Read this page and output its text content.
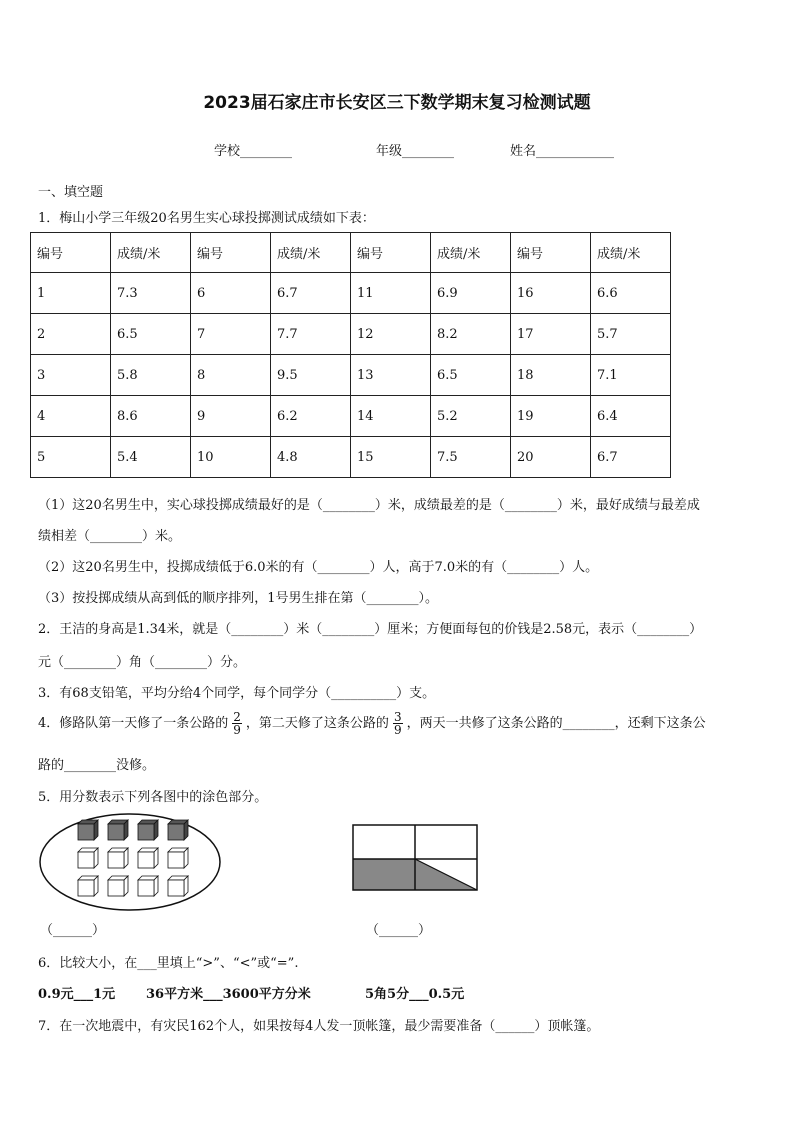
2023届石家庄市长安区三下数学期末复习检测试题
学校________	年级________	姓名____________
一、填空题
1．梅山小学三年级20名男生实心球投掷测试成绩如下表：
编号	成绩/米	编号	成绩/米	编号	成绩/米	编号	成绩/米
1	7.3	6	6.7	11	6.9	16	6.6
2	6.5	7	7.7	12	8.2	17	5.7
3	5.8	8	9.5	13	6.5	18	7.1
4	8.6	9	6.2	14	5.2	19	6.4
5	5.4	10	4.8	15	7.5	20	6.7
（1）这20名男生中，实心球投掷成绩最好的是（________）米，成绩最差的是（________）米，最好成绩与最差成
绩相差（________）米。
（2）这20名男生中，投掷成绩低于6.0米的有（________）人，高于7.0米的有（________）人。
（3）按投掷成绩从高到低的顺序排列，1号男生排在第（________）。
2．王洁的身高是1.34米，就是（________）米（________）厘米；方便面每包的价钱是2.58元，表示（________）
元（________）角（________）分。
3．有68支铅笔，平均分给4个同学，每个同学分（__________）支。
4．修路队第一天修了一条公路的 $\frac{2}{9}$ ，第二天修了这条公路的 $\frac{3}{9}$ ，两天一共修了这条公路的________，还剩下这条公
路的________没修。
5．用分数表示下列各图中的涂色部分。
（______）	（______）
6．比较大小，在___里填上“>”、“<”或“=”.
0.9元___1元 36平方米___3600平方分米	5角5分___0.5元
7．在一次地震中，有灾民162个人，如果按每4人发一顶帐篷，最少需要准备（______）顶帐篷。
